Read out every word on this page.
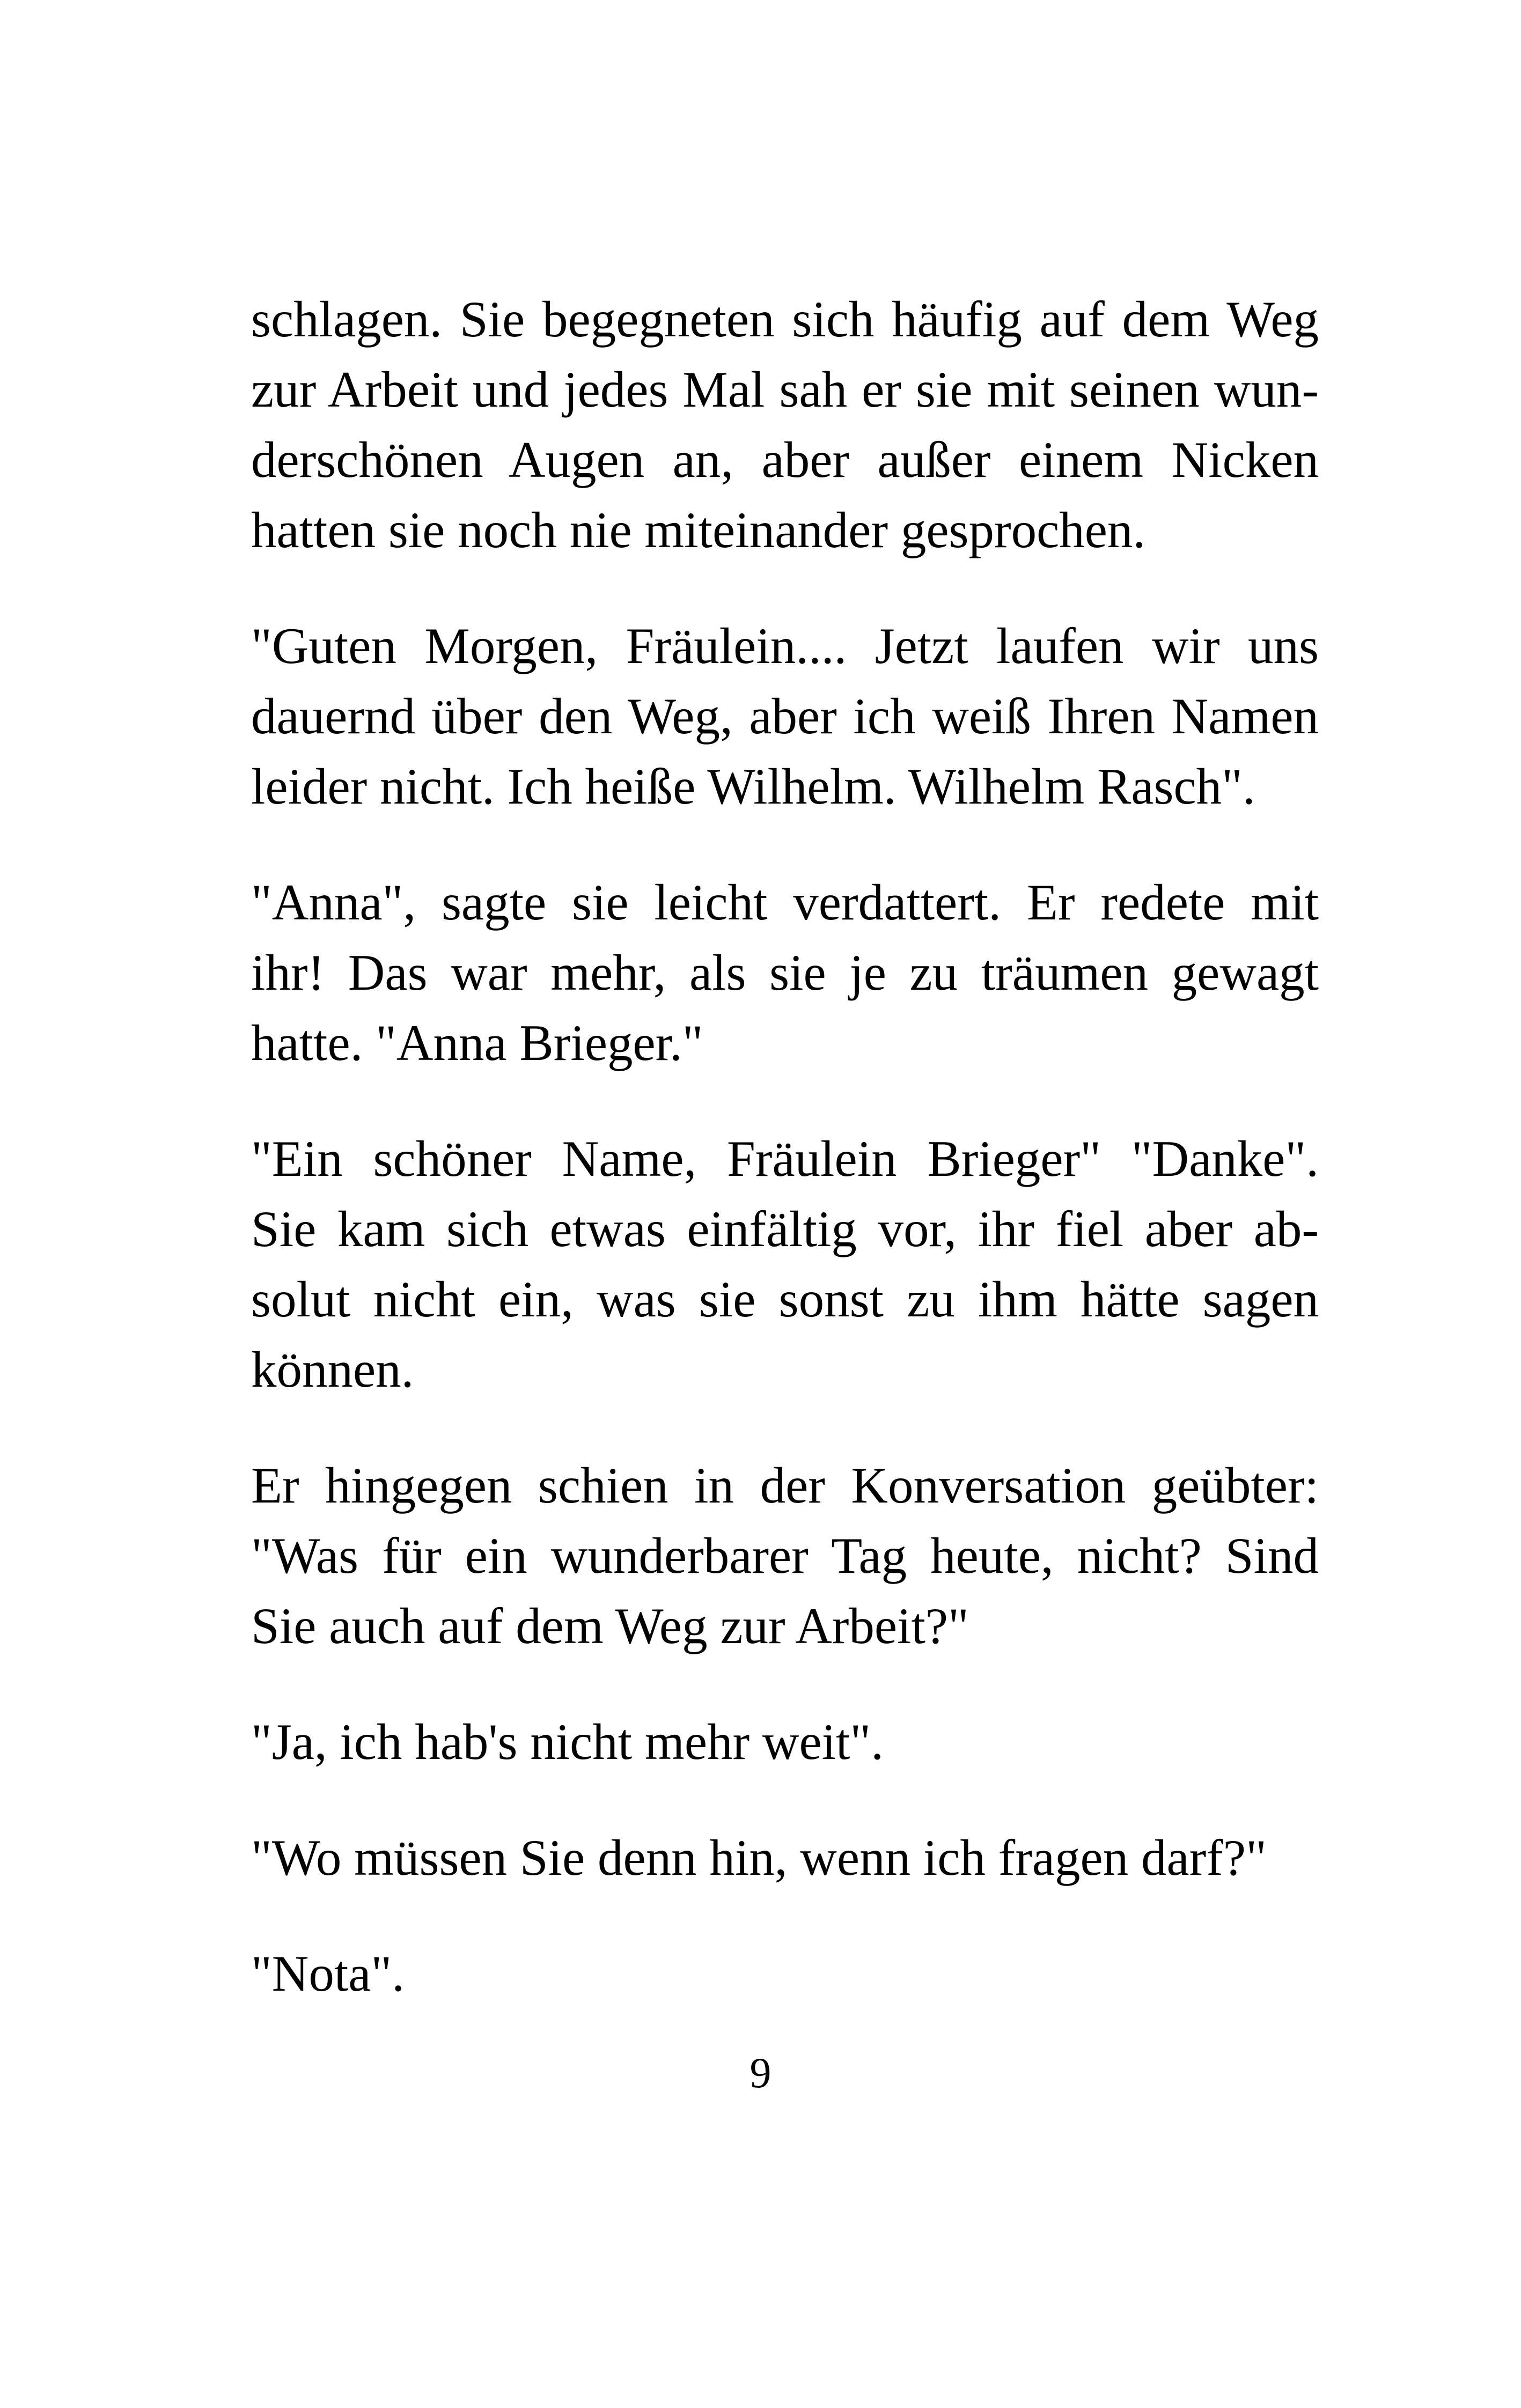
schlagen. Sie begegneten sich häufig auf dem Weg
zur Arbeit und jedes Mal sah er sie mit seinen wun-
derschönen Augen an, aber außer einem Nicken
hatten sie noch nie miteinander gesprochen.

"Guten Morgen, Fräulein.... Jetzt laufen wir uns
dauernd über den Weg, aber ich weiß Ihren Namen
leider nicht. Ich heiße Wilhelm. Wilhelm Rasch".

"Anna", sagte sie leicht verdattert. Er redete mit
ihr! Das war mehr, als sie je zu träumen gewagt
hatte. "Anna Brieger."

"Ein schöner Name, Fräulein Brieger" "Danke".
Sie kam sich etwas einfältig vor, ihr fiel aber ab-
solut nicht ein, was sie sonst zu ihm hätte sagen
können.

Er hingegen schien in der Konversation geübter:
"Was für ein wunderbarer Tag heute, nicht? Sind
Sie auch auf dem Weg zur Arbeit?"

"Ja, ich hab's nicht mehr weit".

"Wo müssen Sie denn hin, wenn ich fragen darf?"

"Nota".

9
